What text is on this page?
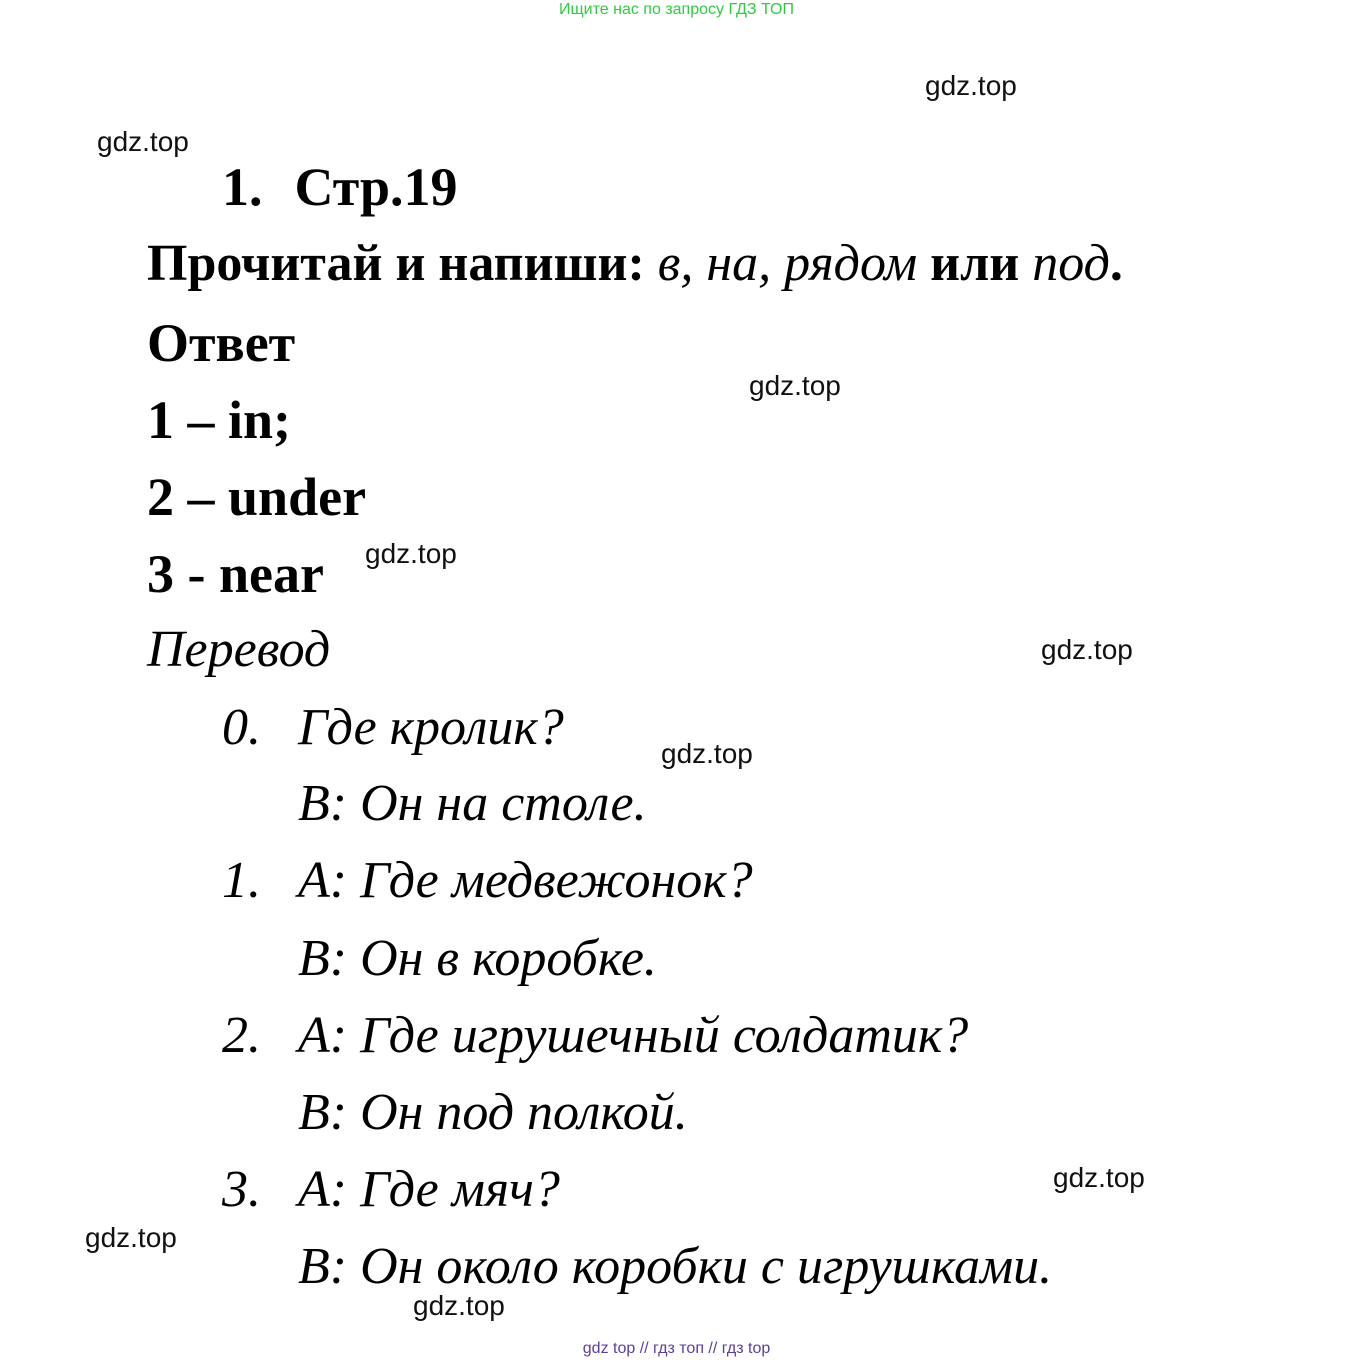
Ищите нас по запросу ГДЗ ТОП
gdz.top
gdz.top
gdz.top
gdz.top
gdz.top
gdz.top
gdz.top
gdz.top
gdz.top
1. Стр.19
Прочитай и напиши: в, на, рядом или под.
Ответ
1 – in;
2 – under
3 - near
Перевод
0. Где кролик?
B: Он на столе.
1. A: Где медвежонок?
B: Он в коробке.
2. A: Где игрушечный солдатик?
B: Он под полкой.
3. A: Где мяч?
B: Он около коробки с игрушками.
gdz top // гдз топ // гдз top
